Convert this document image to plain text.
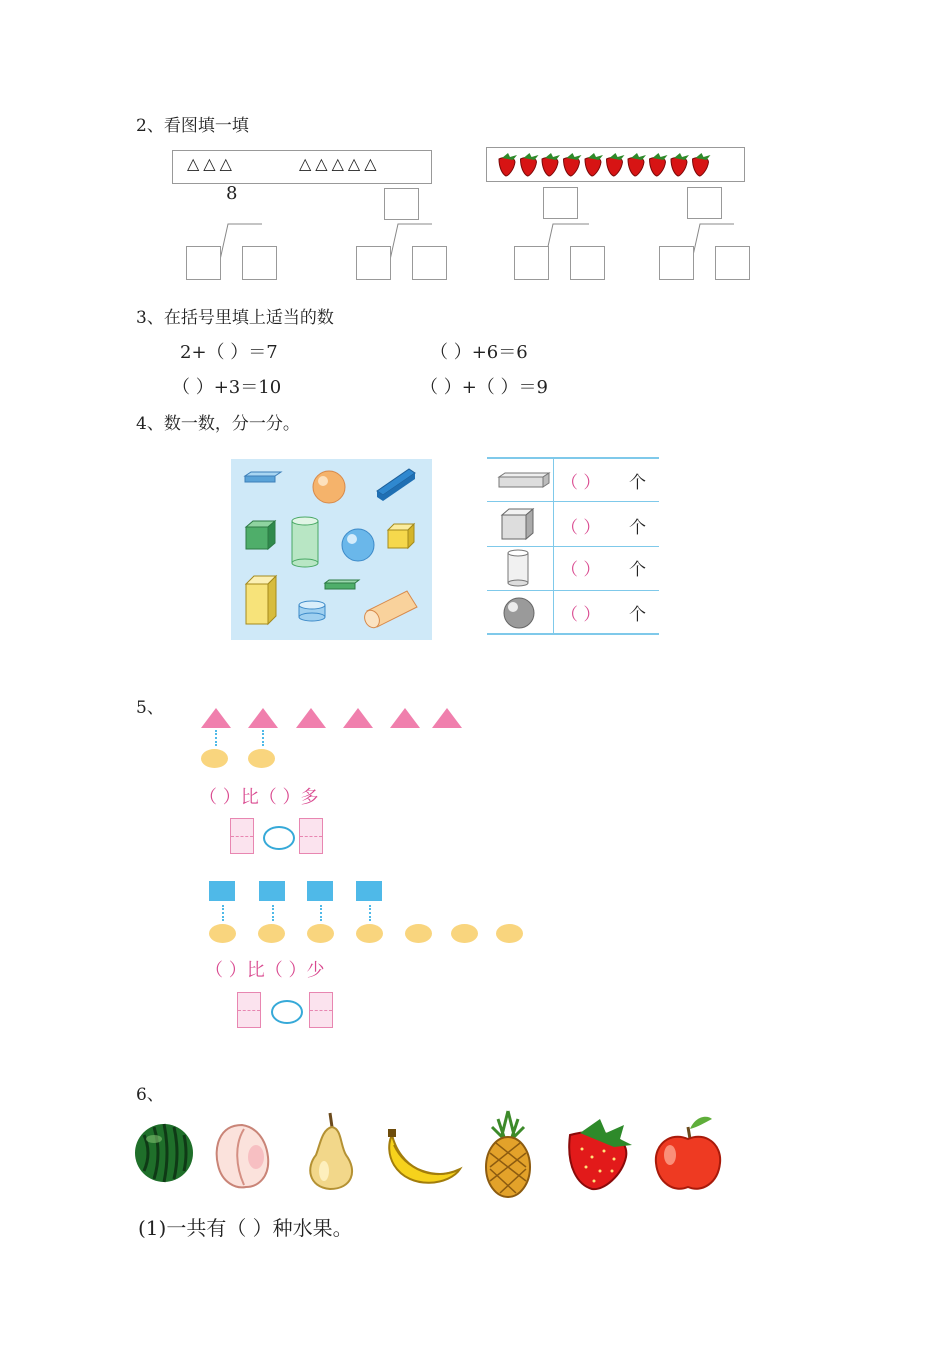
2、看图填一填
△△△	△△△△△
8
3、在括号里填上适当的数
2+（ ）＝7	（ ）+6＝6
（ ）+3＝10	（ ）+（ ）＝9
4、数一数，分一分。
（ ） 个
（ ） 个
（ ） 个
（ ） 个
5、
（ ）比（ ）多
（ ）比（ ）少
6、
(1)一共有（ ）种水果。
